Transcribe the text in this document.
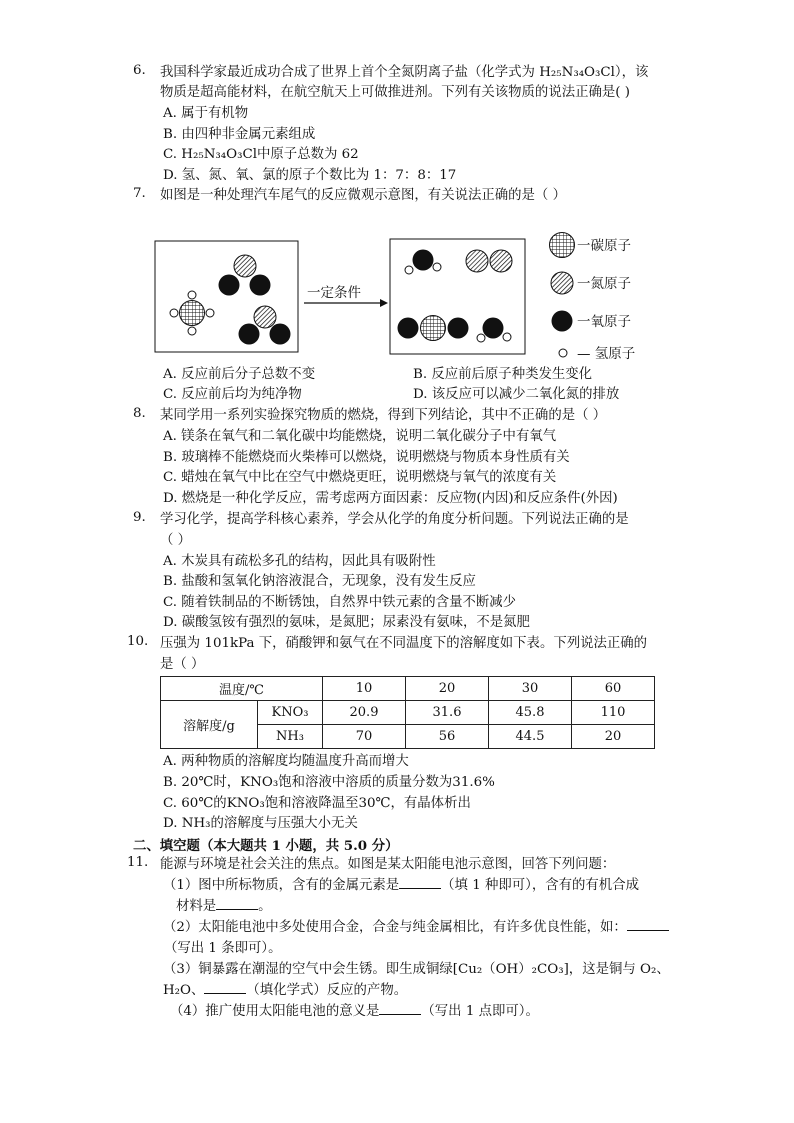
6. 我国科学家最近成功合成了世界上首个全氮阴离子盐（化学式为 H₂₅N₃₄O₃Cl），该
物质是超高能材料，在航空航天上可做推进剂。下列有关该物质的说法正确是( )
A. 属于有机物
B. 由四种非金属元素组成
C. H₂₅N₃₄O₃Cl中原子总数为 62
D. 氢、氮、氧、氯的原子个数比为 1：7：8：17
7. 如图是一种处理汽车尾气的反应微观示意图，有关说法正确的是（ ）
一定条件
一碳原子
一氮原子
一氧原子
— 氢原子
A. 反应前后分子总数不变	B. 反应前后原子种类发生变化
C. 反应前后均为纯净物	D. 该反应可以减少二氧化氮的排放
8. 某同学用一系列实验探究物质的燃烧，得到下列结论，其中不正确的是（ ）
A. 镁条在氧气和二氧化碳中均能燃烧，说明二氧化碳分子中有氧气
B. 玻璃棒不能燃烧而火柴棒可以燃烧，说明燃烧与物质本身性质有关
C. 蜡烛在氧气中比在空气中燃烧更旺，说明燃烧与氧气的浓度有关
D. 燃烧是一种化学反应，需考虑两方面因素：反应物(内因)和反应条件(外因)
9. 学习化学，提高学科核心素养，学会从化学的角度分析问题。下列说法正确的是
（ ）
A. 木炭具有疏松多孔的结构，因此具有吸附性
B. 盐酸和氢氧化钠溶液混合，无现象，没有发生反应
C. 随着铁制品的不断锈蚀，自然界中铁元素的含量不断减少
D. 碳酸氢铵有强烈的氨味，是氮肥；尿素没有氨味，不是氮肥
10. 压强为 101kPa 下，硝酸钾和氨气在不同温度下的溶解度如下表。下列说法正确的
是（ ）
温度/℃		10	20	30	60
溶解度/g	KNO₃	20.9	31.6	45.8	110
	NH₃	70	56	44.5	20
A. 两种物质的溶解度均随温度升高而增大
B. 20℃时，KNO₃饱和溶液中溶质的质量分数为31.6%
C. 60℃的KNO₃饱和溶液降温至30℃，有晶体析出
D. NH₃的溶解度与压强大小无关
二、填空题（本大题共 1 小题，共 5.0 分）
11. 能源与环境是社会关注的焦点。如图是某太阳能电池示意图，回答下列问题：
（1）图中所标物质，含有的金属元素是	（填 1 种即可），含有的有机合成
材料是	。
（2）太阳能电池中多处使用合金，合金与纯金属相比，有许多优良性能，如：
（写出 1 条即可）。
（3）铜暴露在潮湿的空气中会生锈。即生成铜绿[Cu₂（OH）₂CO₃]，这是铜与 O₂、
H₂O、	（填化学式）反应的产物。
（4）推广使用太阳能电池的意义是	（写出 1 点即可）。
